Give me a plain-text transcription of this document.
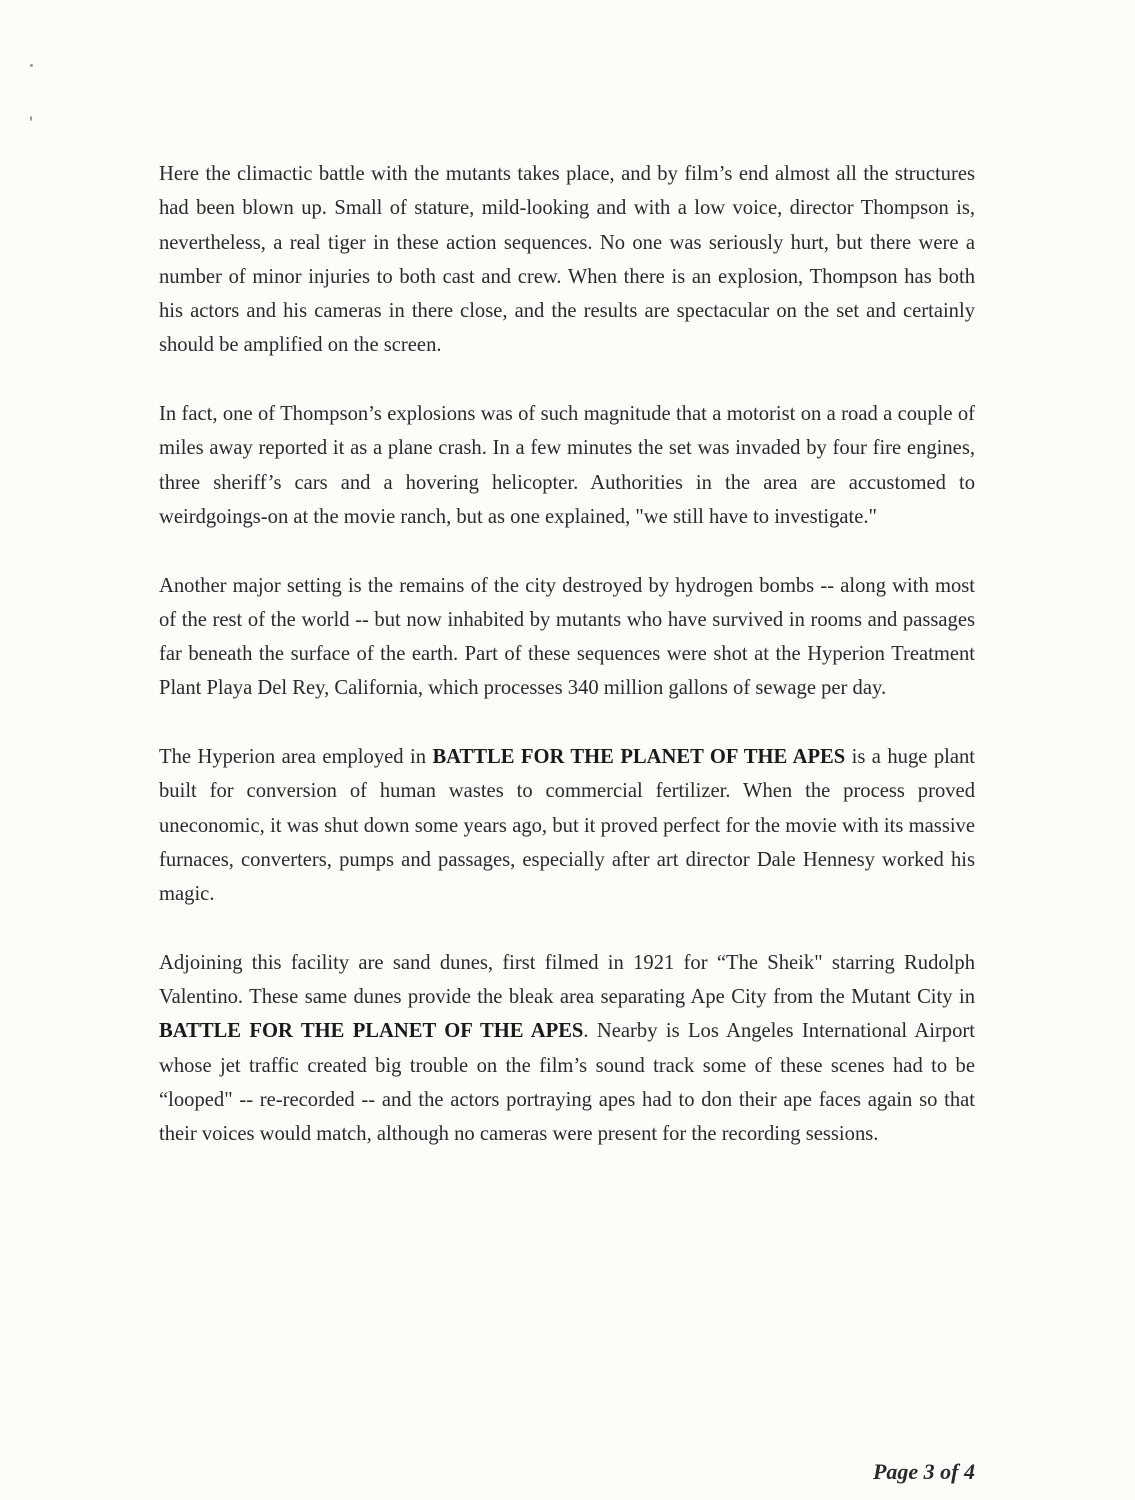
Here the climactic battle with the mutants takes place, and by film’s end almost all the structures had been blown up. Small of stature, mild-looking and with a low voice, director Thompson is, nevertheless, a real tiger in these action sequences. No one was seriously hurt, but there were a number of minor injuries to both cast and crew. When there is an explosion, Thompson has both his actors and his cameras in there close, and the results are spectacular on the set and certainly should be amplified on the screen.

In fact, one of Thompson’s explosions was of such magnitude that a motorist on a road a couple of miles away reported it as a plane crash. In a few minutes the set was invaded by four fire engines, three sheriff’s cars and a hovering helicopter. Authorities in the area are accustomed to weirdgoings-on at the movie ranch, but as one explained, "we still have to investigate."

Another major setting is the remains of the city destroyed by hydrogen bombs -- along with most of the rest of the world -- but now inhabited by mutants who have survived in rooms and passages far beneath the surface of the earth. Part of these sequences were shot at the Hyperion Treatment Plant Playa Del Rey, California, which processes 340 million gallons of sewage per day.

The Hyperion area employed in BATTLE FOR THE PLANET OF THE APES is a huge plant built for conversion of human wastes to commercial fertilizer. When the process proved uneconomic, it was shut down some years ago, but it proved perfect for the movie with its massive furnaces, converters, pumps and passages, especially after art director Dale Hennesy worked his magic.

Adjoining this facility are sand dunes, first filmed in 1921 for “The Sheik" starring Rudolph Valentino. These same dunes provide the bleak area separating Ape City from the Mutant City in BATTLE FOR THE PLANET OF THE APES. Nearby is Los Angeles International Airport whose jet traffic created big trouble on the film’s sound track some of these scenes had to be “looped" -- re-recorded -- and the actors portraying apes had to don their ape faces again so that their voices would match, although no cameras were present for the recording sessions.

Page 3 of 4
